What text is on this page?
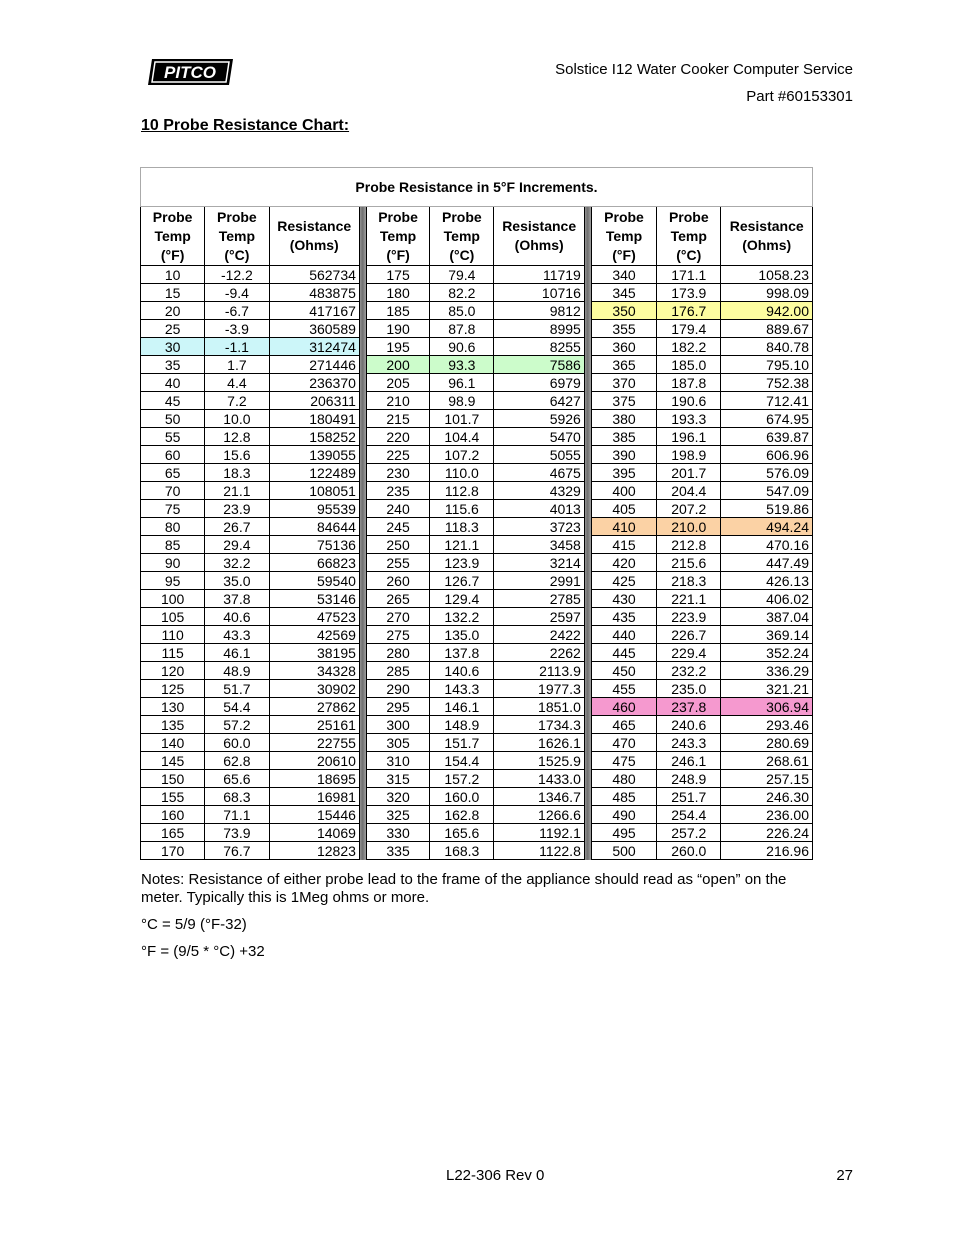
PITCO	Solstice I12 Water Cooker Computer Service
Part #60153301
10 Probe Resistance Chart:
Probe Resistance in 5°F Increments.										
Probe
Temp
(°F)	Probe
Temp
(°C)	Resistance
(Ohms)		Probe
Temp
(°F)	Probe
Temp
(°C)	Resistance
(Ohms)		Probe
Temp
(°F)	Probe
Temp
(°C)	Resistance
(Ohms)
10	-12.2	562734		175	79.4	11719		340	171.1	1058.23
15	-9.4	483875		180	82.2	10716		345	173.9	998.09
20	-6.7	417167		185	85.0	9812		350	176.7	942.00
25	-3.9	360589		190	87.8	8995		355	179.4	889.67
30	-1.1	312474		195	90.6	8255		360	182.2	840.78
35	1.7	271446		200	93.3	7586		365	185.0	795.10
40	4.4	236370		205	96.1	6979		370	187.8	752.38
45	7.2	206311		210	98.9	6427		375	190.6	712.41
50	10.0	180491		215	101.7	5926		380	193.3	674.95
55	12.8	158252		220	104.4	5470		385	196.1	639.87
60	15.6	139055		225	107.2	5055		390	198.9	606.96
65	18.3	122489		230	110.0	4675		395	201.7	576.09
70	21.1	108051		235	112.8	4329		400	204.4	547.09
75	23.9	95539		240	115.6	4013		405	207.2	519.86
80	26.7	84644		245	118.3	3723		410	210.0	494.24
85	29.4	75136		250	121.1	3458		415	212.8	470.16
90	32.2	66823		255	123.9	3214		420	215.6	447.49
95	35.0	59540		260	126.7	2991		425	218.3	426.13
100	37.8	53146		265	129.4	2785		430	221.1	406.02
105	40.6	47523		270	132.2	2597		435	223.9	387.04
110	43.3	42569		275	135.0	2422		440	226.7	369.14
115	46.1	38195		280	137.8	2262		445	229.4	352.24
120	48.9	34328		285	140.6	2113.9		450	232.2	336.29
125	51.7	30902		290	143.3	1977.3		455	235.0	321.21
130	54.4	27862		295	146.1	1851.0		460	237.8	306.94
135	57.2	25161		300	148.9	1734.3		465	240.6	293.46
140	60.0	22755		305	151.7	1626.1		470	243.3	280.69
145	62.8	20610		310	154.4	1525.9		475	246.1	268.61
150	65.6	18695		315	157.2	1433.0		480	248.9	257.15
155	68.3	16981		320	160.0	1346.7		485	251.7	246.30
160	71.1	15446		325	162.8	1266.6		490	254.4	236.00
165	73.9	14069		330	165.6	1192.1		495	257.2	226.24
170	76.7	12823		335	168.3	1122.8		500	260.0	216.96
Notes: Resistance of either probe lead to the frame of the appliance should read as “open” on the meter. Typically this is 1Meg ohms or more.
°C = 5/9 (°F-32)
°F = (9/5 * °C) +32
L22-306 Rev 0	27
